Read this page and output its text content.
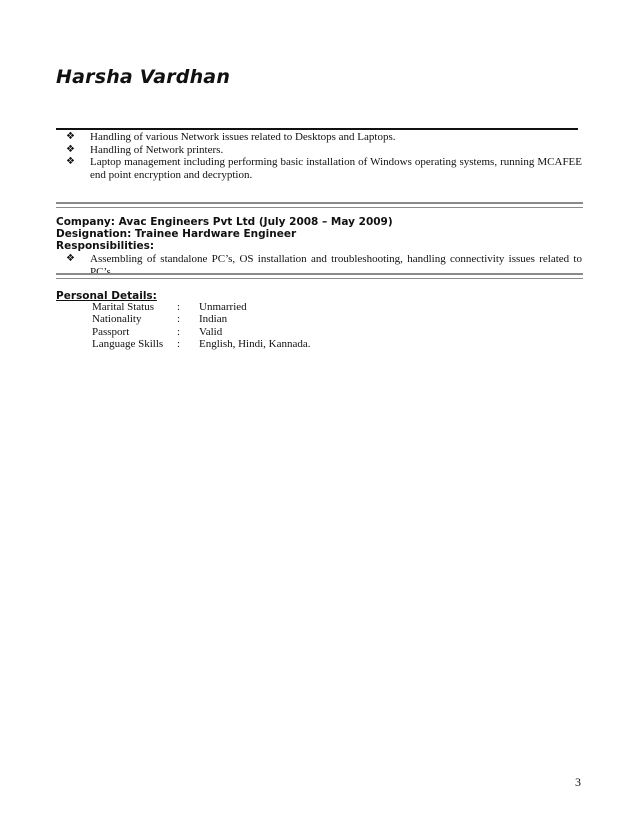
Harsha Vardhan
❖ Handling of various Network issues related to Desktops and Laptops.
❖ Handling of Network printers.
❖ Laptop management including performing basic installation of Windows operating systems, running MCAFEE end point encryption and decryption.
Company: Avac Engineers Pvt Ltd (July 2008 – May 2009)
Designation: Trainee Hardware Engineer
Responsibilities:
❖ Assembling of standalone PC’s, OS installation and troubleshooting, handling connectivity issues related to PC’s
Personal Details:
Marital Status	:	Unmarried
Nationality	:	Indian
Passport	:	Valid
Language Skills	:	English, Hindi, Kannada.
3
